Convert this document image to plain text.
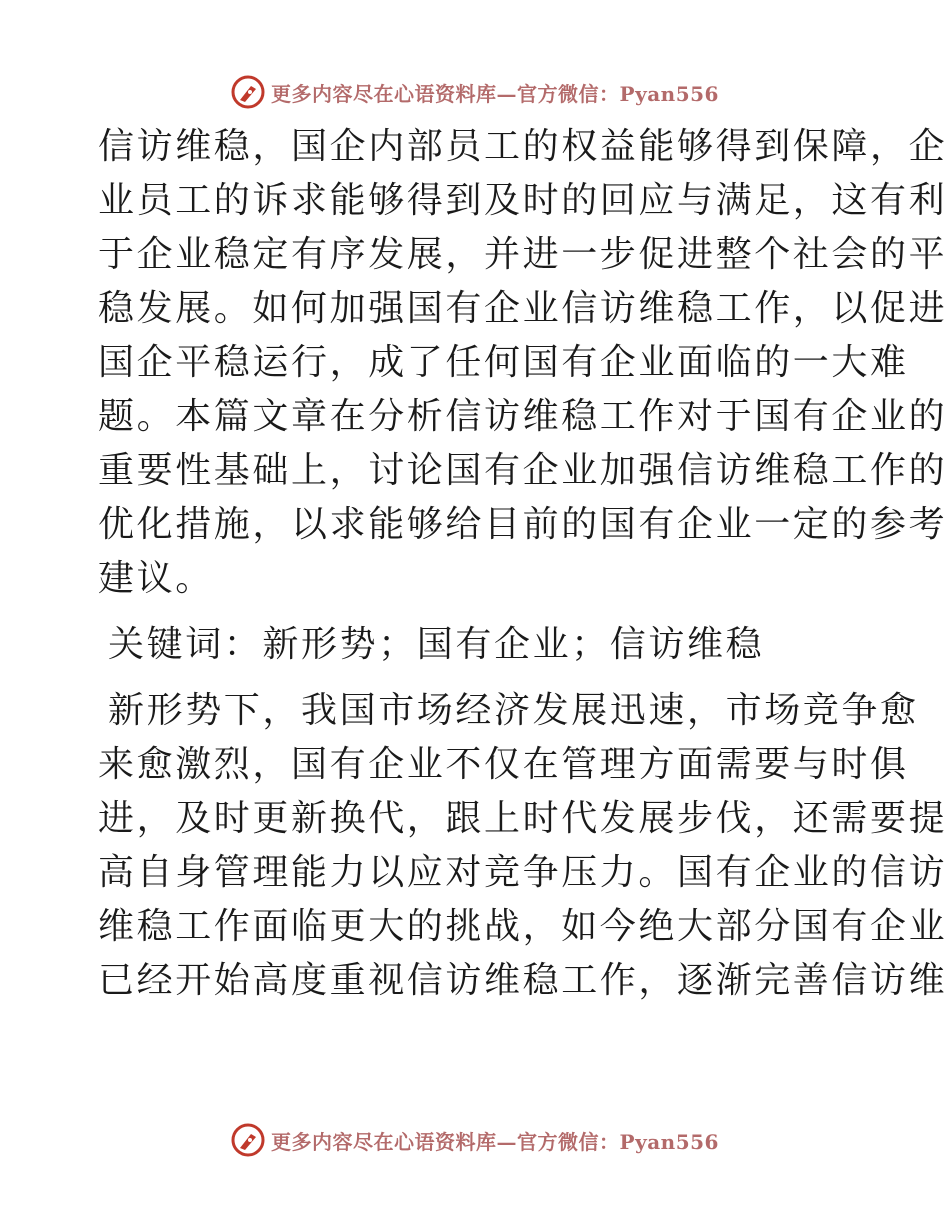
更多内容尽在心语资料库—官方微信：Pyan556
信访维稳，国企内部员工的权益能够得到保障，企
业员工的诉求能够得到及时的回应与满足，这有利
于企业稳定有序发展，并进一步促进整个社会的平
稳发展。如何加强国有企业信访维稳工作，以促进
国企平稳运行，成了任何国有企业面临的一大难
题。本篇文章在分析信访维稳工作对于国有企业的
重要性基础上，讨论国有企业加强信访维稳工作的
优化措施，以求能够给目前的国有企业一定的参考
建议。
关键词：新形势；国有企业；信访维稳
新形势下，我国市场经济发展迅速，市场竞争愈
来愈激烈，国有企业不仅在管理方面需要与时俱
进，及时更新换代，跟上时代发展步伐，还需要提
高自身管理能力以应对竞争压力。国有企业的信访
维稳工作面临更大的挑战，如今绝大部分国有企业
已经开始高度重视信访维稳工作，逐渐完善信访维
更多内容尽在心语资料库—官方微信：Pyan556
